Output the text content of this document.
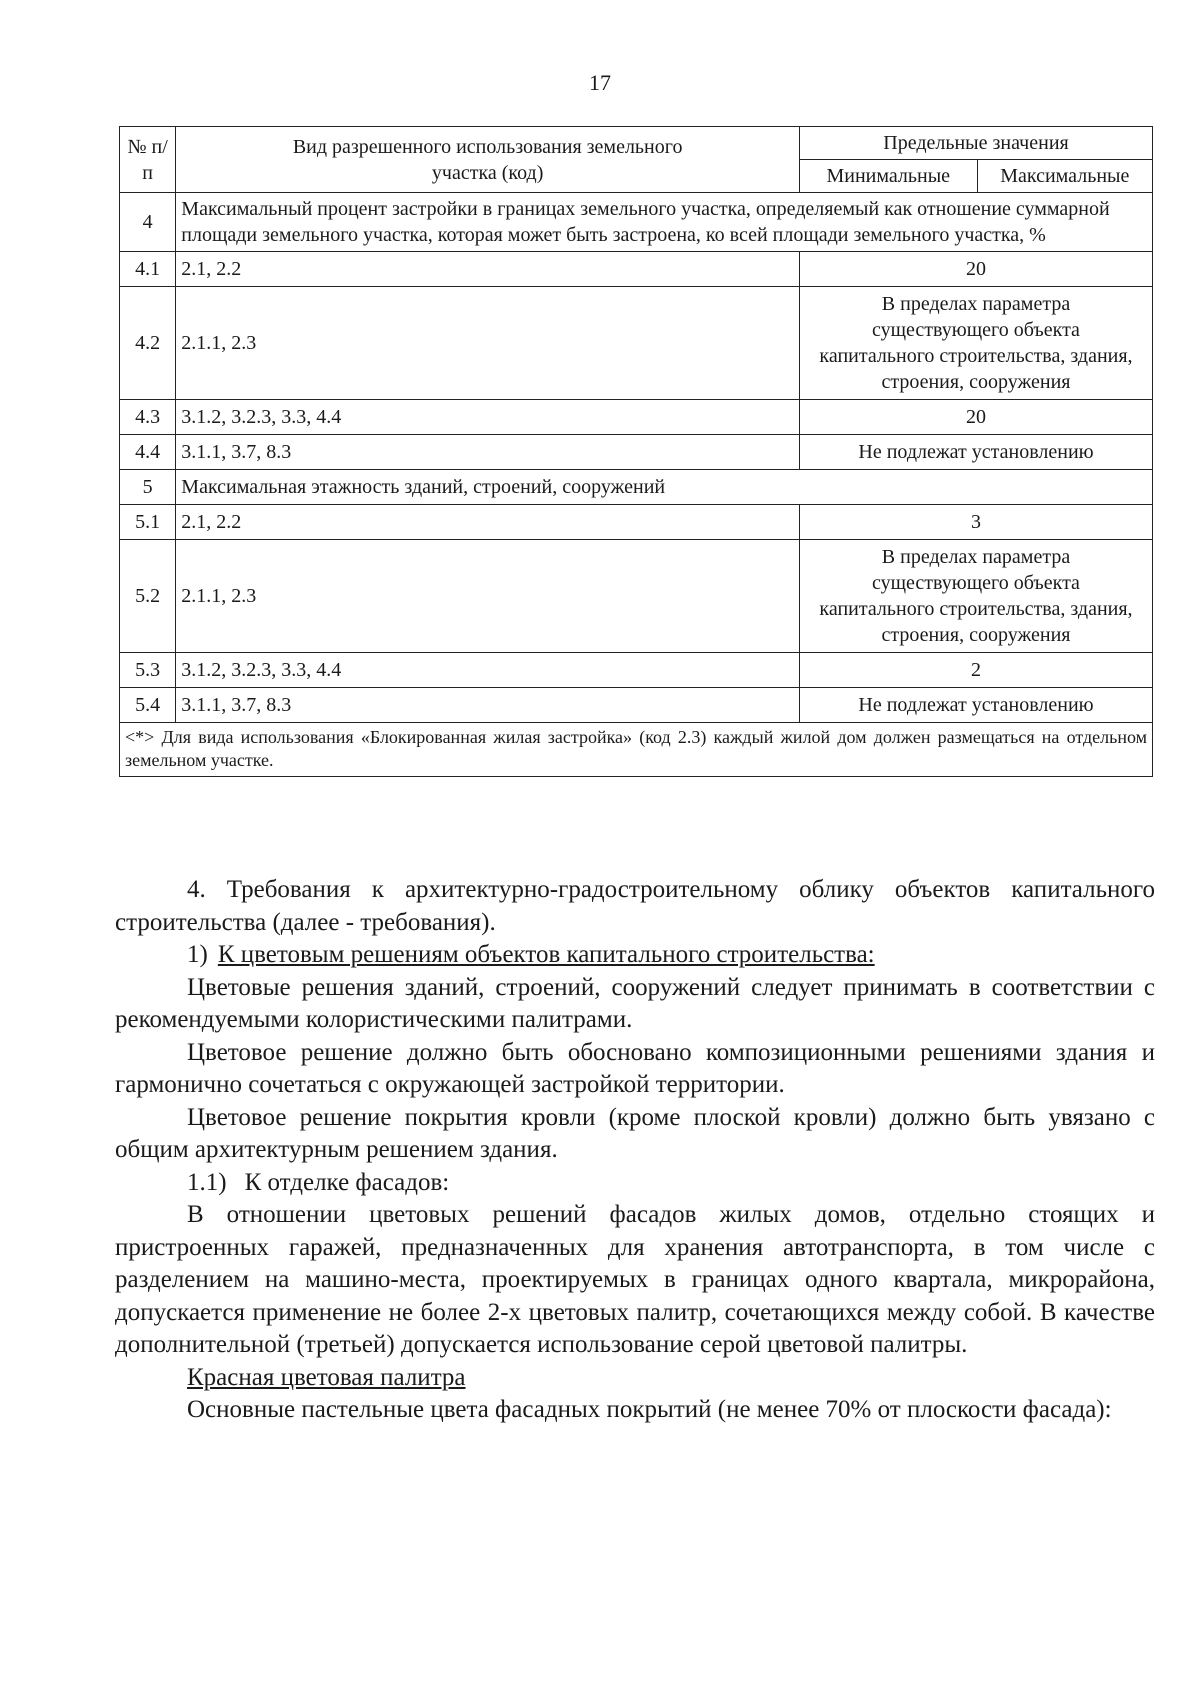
17
№ п/п	Вид разрешенного использования земельного участка (код)	Предельные значения	
		Минимальные	Максимальные
4	Максимальный процент застройки в границах земельного участка, определяемый как отношение суммарной площади земельного участка, которая может быть застроена, ко всей площади земельного участка, %		
4.1	2.1, 2.2	20	
4.2	2.1.1, 2.3	В пределах параметра существующего объекта капитального строительства, здания, строения, сооружения	
4.3	3.1.2, 3.2.3, 3.3, 4.4	20	
4.4	3.1.1, 3.7, 8.3	Не подлежат установлению	
5	Максимальная этажность зданий, строений, сооружений		
5.1	2.1, 2.2	3	
5.2	2.1.1, 2.3	В пределах параметра существующего объекта капитального строительства, здания, строения, сооружения	
5.3	3.1.2, 3.2.3, 3.3, 4.4	2	
5.4	3.1.1, 3.7, 8.3	Не подлежат установлению	
<*> Для вида использования «Блокированная жилая застройка» (код 2.3) каждый жилой дом должен размещаться на отдельном земельном участке.			

4. Требования к архитектурно-градостроительному облику объектов капитального строительства (далее - требования).

1) К цветовым решениям объектов капитального строительства:

Цветовые решения зданий, строений, сооружений следует принимать в соответствии с рекомендуемыми колористическими палитрами.

Цветовое решение должно быть обосновано композиционными решениями здания и гармонично сочетаться с окружающей застройкой территории.

Цветовое решение покрытия кровли (кроме плоской кровли) должно быть увязано с общим архитектурным решением здания.

1.1) К отделке фасадов:

В отношении цветовых решений фасадов жилых домов, отдельно стоящих и пристроенных гаражей, предназначенных для хранения автотранспорта, в том числе с разделением на машино-места, проектируемых в границах одного квартала, микрорайона, допускается применение не более 2-х цветовых палитр, сочетающихся между собой. В качестве дополнительной (третьей) допускается использование серой цветовой палитры.

Красная цветовая палитра

Основные пастельные цвета фасадных покрытий (не менее 70% от плоскости фасада):
